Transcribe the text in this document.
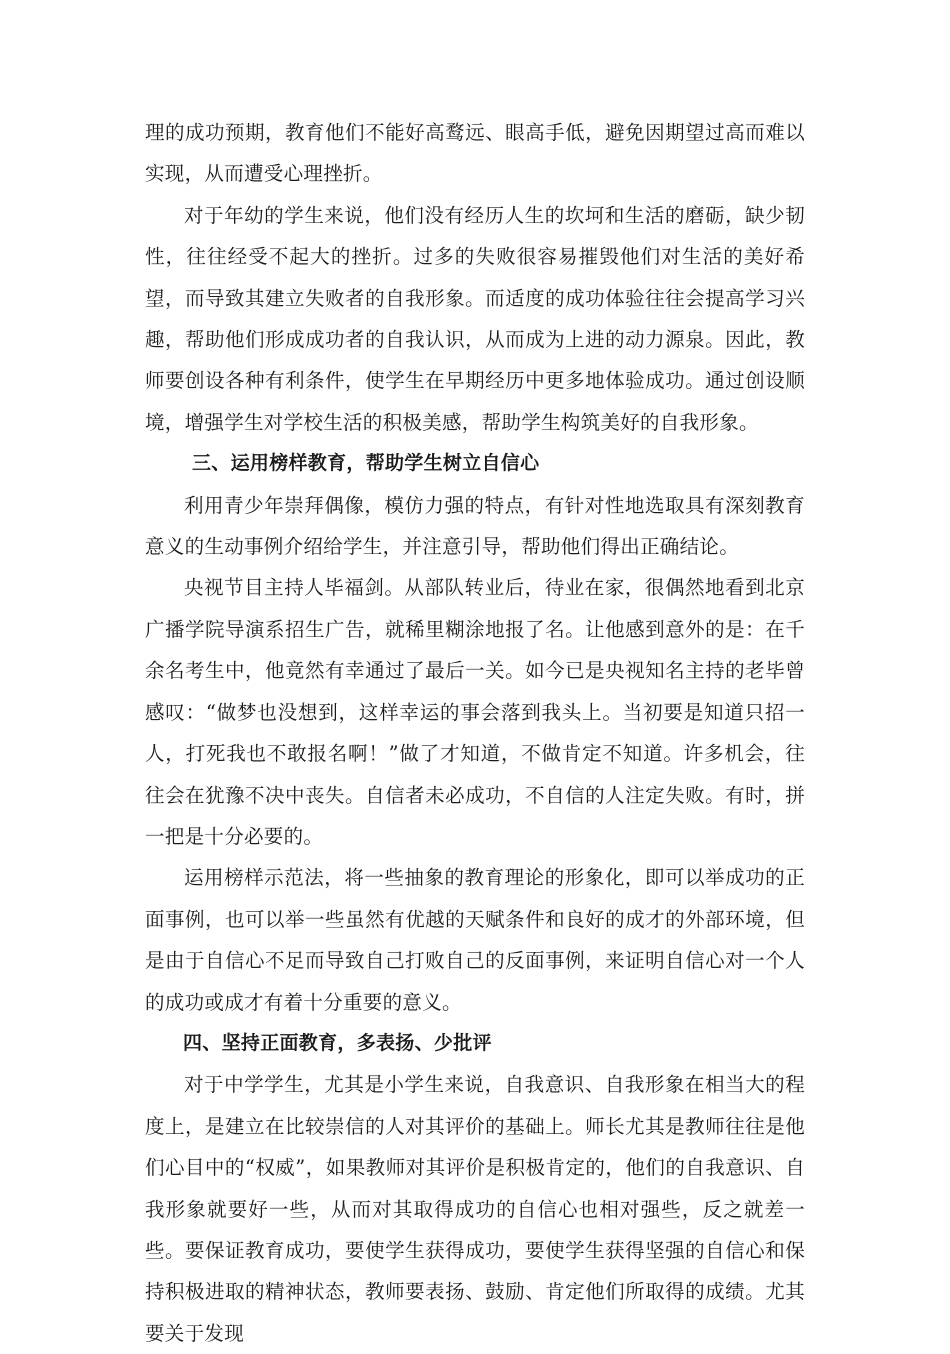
理的成功预期，教育他们不能好高鹜远、眼高手低，避免因期望过高而难以实现，从而遭受心理挫折。

对于年幼的学生来说，他们没有经历人生的坎坷和生活的磨砺，缺少韧性，往往经受不起大的挫折。过多的失败很容易摧毁他们对生活的美好希望，而导致其建立失败者的自我形象。而适度的成功体验往往会提高学习兴趣，帮助他们形成成功者的自我认识，从而成为上进的动力源泉。因此，教师要创设各种有利条件，使学生在早期经历中更多地体验成功。通过创设顺境，增强学生对学校生活的积极美感，帮助学生构筑美好的自我形象。

三、运用榜样教育，帮助学生树立自信心

利用青少年崇拜偶像，模仿力强的特点，有针对性地选取具有深刻教育意义的生动事例介绍给学生，并注意引导，帮助他们得出正确结论。

央视节目主持人毕福剑。从部队转业后，待业在家，很偶然地看到北京广播学院导演系招生广告，就稀里糊涂地报了名。让他感到意外的是：在千余名考生中，他竟然有幸通过了最后一关。如今已是央视知名主持的老毕曾感叹：“做梦也没想到，这样幸运的事会落到我头上。当初要是知道只招一人，打死我也不敢报名啊！”做了才知道，不做肯定不知道。许多机会，往往会在犹豫不决中丧失。自信者未必成功，不自信的人注定失败。有时，拼一把是十分必要的。

运用榜样示范法，将一些抽象的教育理论的形象化，即可以举成功的正面事例，也可以举一些虽然有优越的天赋条件和良好的成才的外部环境，但是由于自信心不足而导致自己打败自己的反面事例，来证明自信心对一个人的成功或成才有着十分重要的意义。

四、坚持正面教育，多表扬、少批评

对于中学学生，尤其是小学生来说，自我意识、自我形象在相当大的程度上，是建立在比较崇信的人对其评价的基础上。师长尤其是教师往往是他们心目中的“权威”，如果教师对其评价是积极肯定的，他们的自我意识、自我形象就要好一些，从而对其取得成功的自信心也相对强些，反之就差一些。要保证教育成功，要使学生获得成功，要使学生获得坚强的自信心和保持积极进取的精神状态，教师要表扬、鼓励、肯定他们所取得的成绩。尤其要关于发现
